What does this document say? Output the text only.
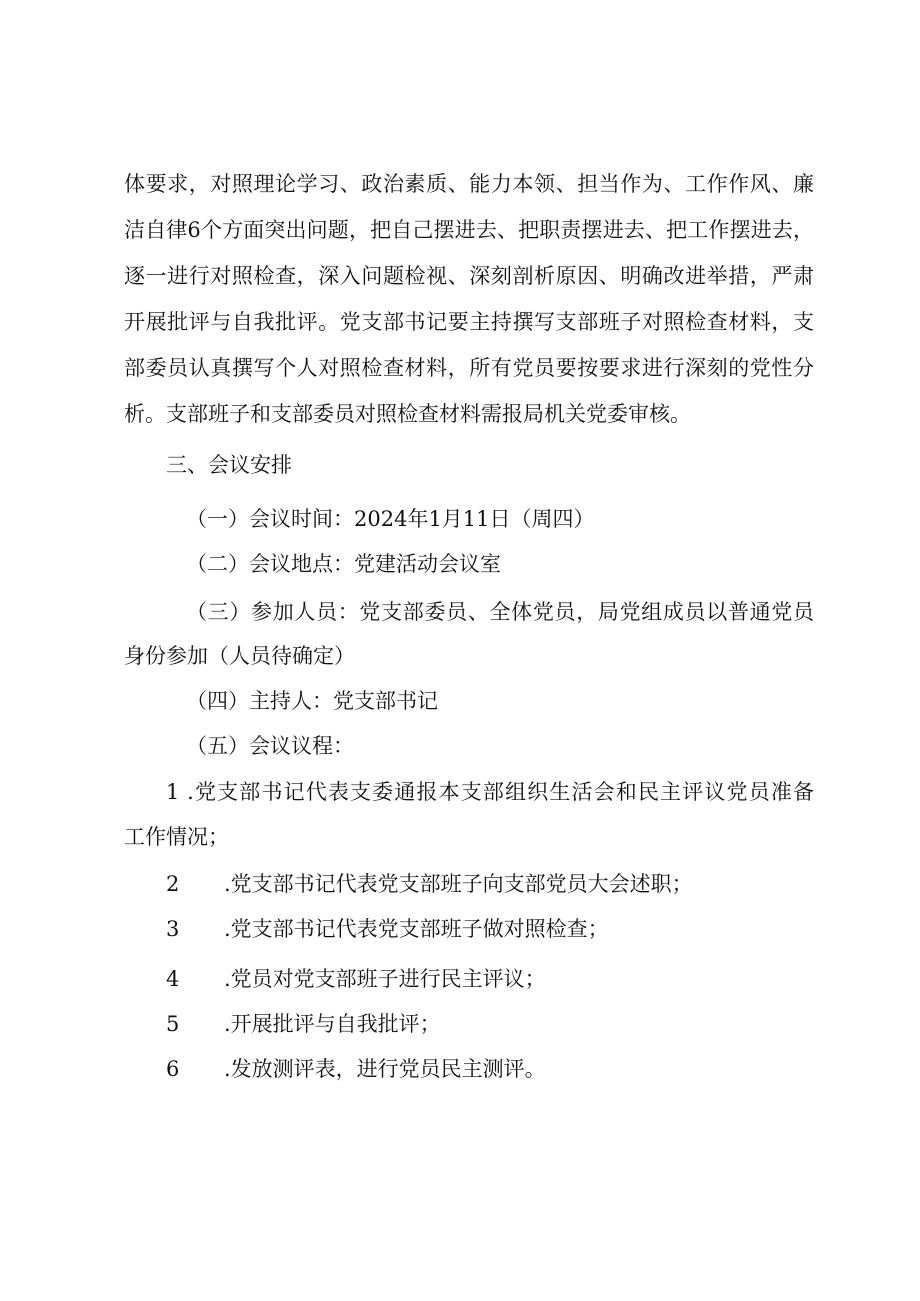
体要求，对照理论学习、政治素质、能力本领、担当作为、工作作风、廉
洁自律6个方面突出问题，把自己摆进去、把职责摆进去、把工作摆进去，
逐一进行对照检查，深入问题检视、深刻剖析原因、明确改进举措，严肃
开展批评与自我批评。党支部书记要主持撰写支部班子对照检查材料，支
部委员认真撰写个人对照检查材料，所有党员要按要求进行深刻的党性分
析。支部班子和支部委员对照检查材料需报局机关党委审核。
三、会议安排
（一）会议时间：2024年1月11日（周四）
（二）会议地点：党建活动会议室
（三）参加人员：党支部委员、全体党员，局党组成员以普通党员
身份参加（人员待确定）
（四）主持人：党支部书记
（五）会议议程：
1 .党支部书记代表支委通报本支部组织生活会和民主评议党员准备
工作情况；
2 .党支部书记代表党支部班子向支部党员大会述职；
3 .党支部书记代表党支部班子做对照检查；
4 .党员对党支部班子进行民主评议；
5 .开展批评与自我批评；
6 .发放测评表，进行党员民主测评。
